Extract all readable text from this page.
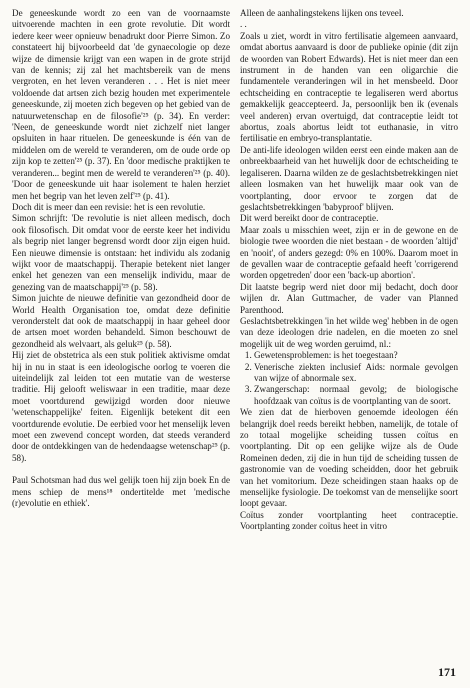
De geneeskunde wordt zo een van de voornaamste uitvoerende machten in een grote revolutie. Dit wordt iedere keer weer opnieuw benadrukt door Pierre Simon. Zo constateert hij bijvoorbeeld dat 'de gynaecologie op deze wijze de dimensie krijgt van een wapen in de grote strijd van de kennis; zij zal het machtsbereik van de mens vergroten, en het leven veranderen . . . Het is niet meer voldoende dat artsen zich bezig houden met experimentele geneeskunde, zij moeten zich begeven op het gebied van de natuurwetenschap en de filosofie'²⁵ (p. 34). En verder: 'Neen, de geneeskunde wordt niet zichzelf niet langer opsluiten in haar rituelen. De geneeskunde is één van de middelen om de wereld te veranderen, om de oude orde op zijn kop te zetten'²⁵ (p. 37). En 'door medische praktijken te veranderen... begint men de wereld te veranderen'²⁵ (p. 40). 'Door de geneeskunde uit haar isolement te halen herziet men het begrip van het leven zelf'²⁵ (p. 41).

Doch dit is meer dan een revisie: het is een revolutie.

Simon schrijft: 'De revolutie is niet alleen medisch, doch ook filosofisch. Dit omdat voor de eerste keer het individu als begrip niet langer begrensd wordt door zijn eigen huid. Een nieuwe dimensie is ontstaan: het individu als zodanig wijkt voor de maatschappij. Therapie betekent niet langer enkel het genezen van een menselijk individu, maar de genezing van de maatschappij'²⁵ (p. 58).

Simon juichte de nieuwe definitie van gezondheid door de World Health Organisation toe, omdat deze definitie veronderstelt dat ook de maatschappij in haar geheel door de artsen moet worden behandeld. Simon beschouwt de gezondheid als welvaart, als geluk²⁵ (p. 58).

Hij ziet de obstetrica als een stuk politiek aktivisme omdat hij in nu in staat is een ideologische oorlog te voeren die uiteindelijk zal leiden tot een mutatie van de westerse traditie. Hij gelooft weliswaar in een traditie, maar deze moet voortdurend gewijzigd worden door nieuwe 'wetenschappelijke' feiten. Eigenlijk betekent dit een voortdurende evolutie. De eerbied voor het menselijk leven moet een zwevend concept worden, dat steeds veranderd door de ontdekkingen van de hedendaagse wetenschap²⁵ (p. 58).

Paul Schotsman had dus wel gelijk toen hij zijn boek En de mens schiep de mens¹⁸ ondertitelde met 'medische (r)evolutie en ethiek'.

Alleen de aanhalingstekens lijken ons teveel.

. .

Zoals u ziet, wordt in vitro fertilisatie algemeen aanvaard, omdat abortus aanvaard is door de publieke opinie (dit zijn de woorden van Robert Edwards). Het is niet meer dan een instrument in de handen van een oligarchie die fundamentele veranderingen wil in het mensbeeld. Door echtscheiding en contraceptie te legaliseren werd abortus gemakkelijk geaccepteerd. Ja, persoonlijk ben ik (evenals veel anderen) ervan overtuigd, dat contraceptie leidt tot abortus, zoals abortus leidt tot euthanasie, in vitro fertilisatie en embryo-transplantatie.

De anti-life ideologen wilden eerst een einde maken aan de onbreekbaarheid van het huwelijk door de echtscheiding te legaliseren. Daarna wilden ze de geslachtsbetrekkingen niet alleen losmaken van het huwelijk maar ook van de voortplanting, door ervoor te zorgen dat de geslachtsbetrekkingen 'babyproof' blijven.

Dit werd bereikt door de contraceptie.

Maar zoals u misschien weet, zijn er in de gewone en de biologie twee woorden die niet bestaan - de woorden 'altijd' en 'nooit', of anders gezegd: 0% en 100%. Daarom moet in de gevallen waar de contraceptie gefaald heeft 'corrigerend worden opgetreden' door een 'back-up abortion'.

Dit laatste begrip werd niet door mij bedacht, doch door wijlen dr. Alan Guttmacher, de vader van Planned Parenthood.

Geslachtsbetrekkingen 'in het wilde weg' hebben in de ogen van deze ideologen drie nadelen, en die moeten zo snel mogelijk uit de weg worden geruimd, nl.:

1. Gewetensproblemen: is het toegestaan?
2. Venerische ziekten inclusief Aids: normale gevolgen van wijze of abnormale sex.
3. Zwangerschap: normaal gevolg; de biologische hoofdzaak van coïtus is de voortplanting van de soort.

We zien dat de hierboven genoemde ideologen één belangrijk doel reeds bereikt hebben, namelijk, de totale of zo totaal mogelijke scheiding tussen coïtus en voortplanting. Dit op een gelijke wijze als de Oude Romeinen deden, zij die in hun tijd de scheiding tussen de gastronomie van de voeding scheidden, door het gebruik van het vomitorium. Deze scheidingen staan haaks op de menselijke fysiologie. De toekomst van de menselijke soort loopt gevaar.

Coïtus zonder voortplanting heet contraceptie. Voortplanting zonder coïtus heet in vitro

171
